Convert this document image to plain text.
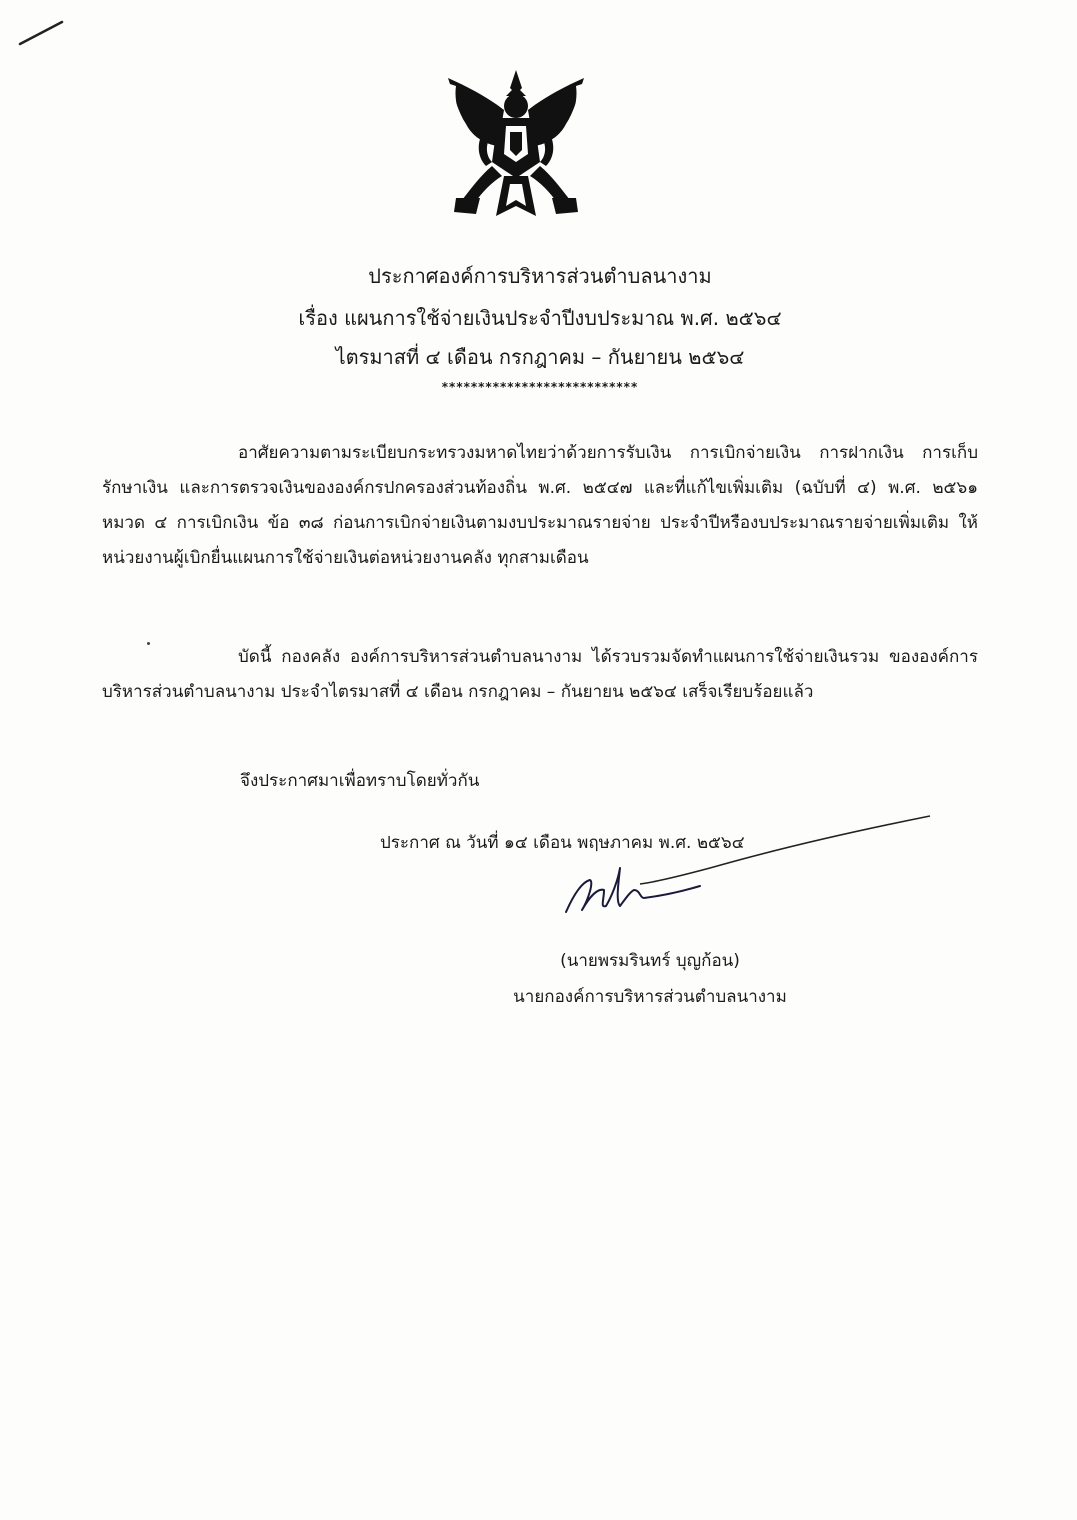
ประกาศองค์การบริหารส่วนตำบลนางาม
เรื่อง แผนการใช้จ่ายเงินประจำปีงบประมาณ พ.ศ. ๒๕๖๔
ไตรมาสที่ ๔ เดือน กรกฎาคม – กันยายน ๒๕๖๔
***************************
อาศัยความตามระเบียบกระทรวงมหาดไทยว่าด้วยการรับเงิน การเบิกจ่ายเงิน การฝากเงิน การเก็บรักษาเงิน และการตรวจเงินขององค์กรปกครองส่วนท้องถิ่น พ.ศ. ๒๕๔๗ และที่แก้ไขเพิ่มเติม (ฉบับที่ ๔) พ.ศ. ๒๕๖๑ หมวด ๔ การเบิกเงิน ข้อ ๓๘ ก่อนการเบิกจ่ายเงินตามงบประมาณรายจ่าย ประจำปีหรืองบประมาณรายจ่ายเพิ่มเติม ให้หน่วยงานผู้เบิกยื่นแผนการใช้จ่ายเงินต่อหน่วยงานคลัง ทุกสามเดือน
บัดนี้ กองคลัง องค์การบริหารส่วนตำบลนางาม ได้รวบรวมจัดทำแผนการใช้จ่ายเงินรวม ขององค์การบริหารส่วนตำบลนางาม ประจำไตรมาสที่ ๔ เดือน กรกฎาคม – กันยายน ๒๕๖๔ เสร็จเรียบร้อยแล้ว
จึงประกาศมาเพื่อทราบโดยทั่วกัน
ประกาศ ณ วันที่ ๑๔ เดือน พฤษภาคม พ.ศ. ๒๕๖๔
(นายพรมรินทร์ บุญก้อน)
นายกองค์การบริหารส่วนตำบลนางาม
